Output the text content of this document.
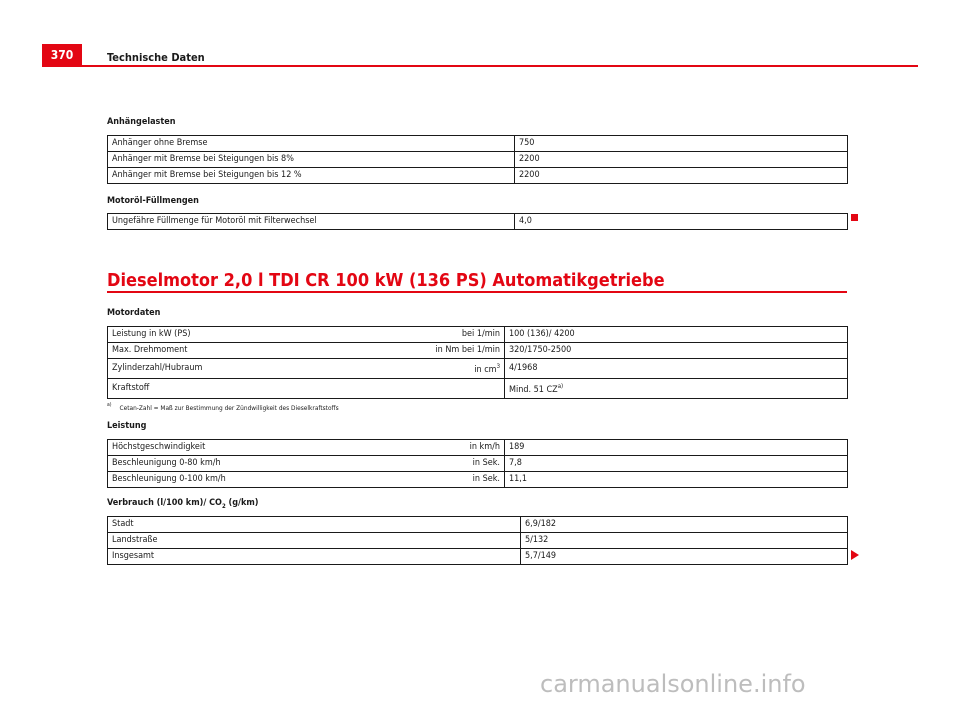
370	Technische Daten
Anhängelasten
Anhänger ohne Bremse	750
Anhänger mit Bremse bei Steigungen bis 8%	2200
Anhänger mit Bremse bei Steigungen bis 12 %	2200
Motoröl-Füllmengen
Ungefähre Füllmenge für Motoröl mit Filterwechsel	4,0
Dieselmotor 2,0 l TDI CR 100 kW (136 PS) Automatikgetriebe
Motordaten
Leistung in kW (PS)	bei 1/min	100 (136)/ 4200
Max. Drehmoment	in Nm bei 1/min	320/1750-2500
Zylinderzahl/Hubraum	in $cm^3$	4/1968
Kraftstoff		Mind. 51 CZ$^{a)}$
$^{a)}$ Cetan-Zahl = Maß zur Bestimmung der Zündwilligkeit des Dieselkraftstoffs
Leistung
Höchstgeschwindigkeit	in km/h	189
Beschleunigung 0-80 km/h	in Sek.	7,8
Beschleunigung 0-100 km/h	in Sek.	11,1
Verbrauch (l/100 km)/ $CO_2$ (g/km)
Stadt	6,9/182
Landstraße	5/132
Insgesamt	5,7/149
carmanualsonline.info
